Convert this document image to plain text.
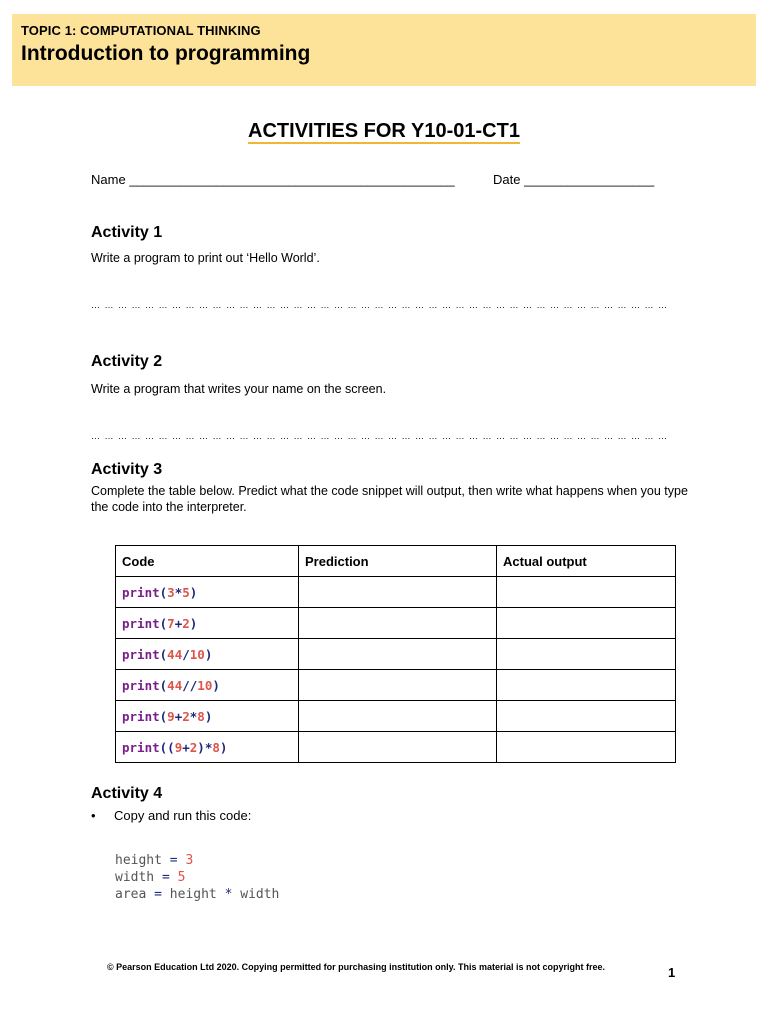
TOPIC 1: COMPUTATIONAL THINKING
Introduction to programming
ACTIVITIES FOR Y10-01-CT1
Name _____________________________________________	Date __________________
Activity 1
Write a program to print out ‘Hello World’.
… … … … … … … … … … … … … … … … … … … … … … … … … … … … … … … … … … … … … … … … … … …
Activity 2
Write a program that writes your name on the screen.
… … … … … … … … … … … … … … … … … … … … … … … … … … … … … … … … … … … … … … … … … … …
Activity 3
Complete the table below. Predict what the code snippet will output, then write what happens when you type the code into the interpreter.
Code	Prediction	Actual output
print(3*5)		
print(7+2)		
print(44/10)		
print(44//10)		
print(9+2*8)		
print((9+2)*8)		
Activity 4
• Copy and run this code:
height = 3
width = 5
area = height * width
© Pearson Education Ltd 2020. Copying permitted for purchasing institution only. This material is not copyright free.	1
